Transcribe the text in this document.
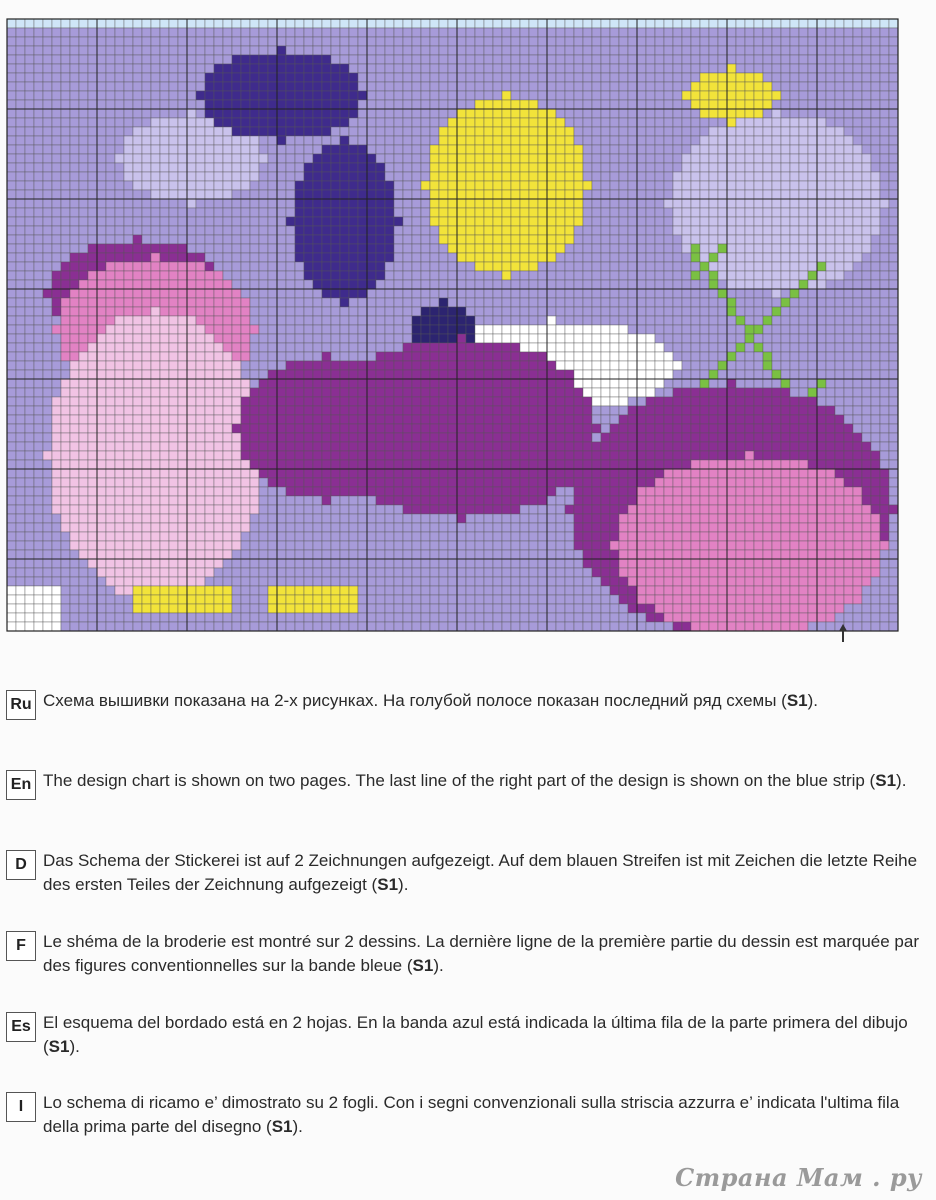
Ru Схема вышивки показана на 2-х рисунках. На голубой полосе показан последний ряд схемы (S1).
En The design chart is shown on two pages. The last line of the right part of the design is shown on the blue strip (S1).
D Das Schema der Stickerei ist auf 2 Zeichnungen aufgezeigt. Auf dem blauen Streifen ist mit Zeichen die letzte Reihe des ersten Teiles der Zeichnung aufgezeigt (S1).
F	Le shéma de la broderie est montré sur 2 dessins. La dernière ligne de la première partie du dessin est marquée par des figures conventionnelles sur la bande bleue (S1).
Es El esquema del bordado está en 2 hojas. En la banda azul está indicada la última fila de la parte primera del dibujo (S1).
I	Lo schema di ricamo e’ dimostrato su 2 fogli. Con i segni convenzionali sulla striscia azzurra e’ indicata l'ultima fila della prima parte del disegno (S1).
Страна Мам . ру
